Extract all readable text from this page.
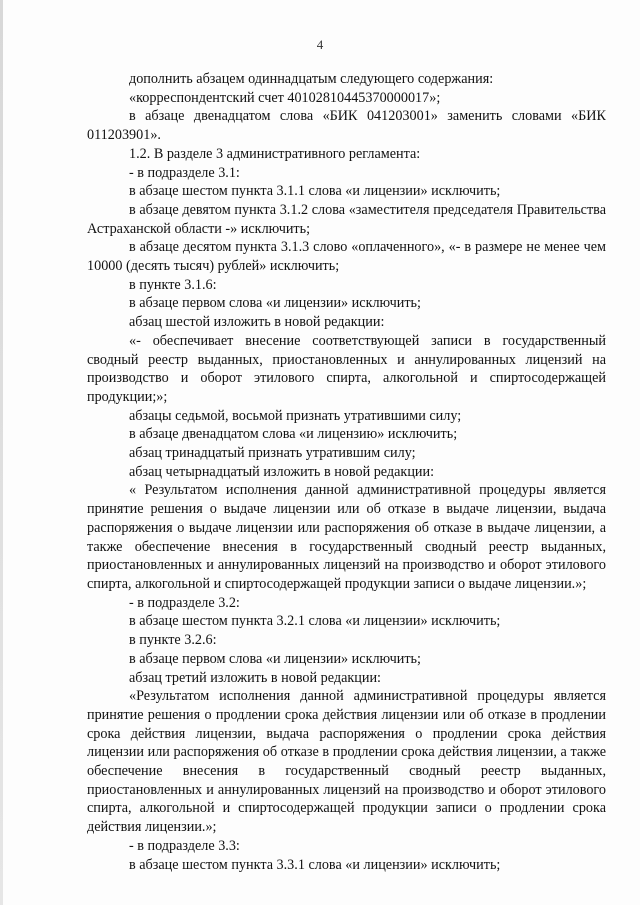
4

дополнить абзацем одиннадцатым следующего содержания:

«корреспондентский счет 40102810445370000017»;

в абзаце двенадцатом слова «БИК 041203001» заменить словами «БИК 011203901».

1.2. В разделе 3 административного регламента:

- в подразделе 3.1:

в абзаце шестом пункта 3.1.1 слова «и лицензии» исключить;

в абзаце девятом пункта 3.1.2 слова «заместителя председателя Правительства Астраханской области -» исключить;

в абзаце десятом пункта 3.1.3 слово «оплаченного», «- в размере не менее чем 10000 (десять тысяч) рублей» исключить;

в пункте 3.1.6:

в абзаце первом слова «и лицензии» исключить;

абзац шестой изложить в новой редакции:

«- обеспечивает внесение соответствующей записи в государственный сводный реестр выданных, приостановленных и аннулированных лицензий на производство и оборот этилового спирта, алкогольной и спиртосодержащей продукции;»;

абзацы седьмой, восьмой признать утратившими силу;

в абзаце двенадцатом слова «и лицензию» исключить;

абзац тринадцатый признать утратившим силу;

абзац четырнадцатый изложить в новой редакции:

« Результатом исполнения данной административной процедуры является принятие решения о выдаче лицензии или об отказе в выдаче лицензии, выдача распоряжения о выдаче лицензии или распоряжения об отказе в выдаче лицензии, а также обеспечение внесения в государственный сводный реестр выданных, приостановленных и аннулированных лицензий на производство и оборот этилового спирта, алкогольной и спиртосодержащей продукции записи о выдаче лицензии.»;

- в подразделе 3.2:

в абзаце шестом пункта 3.2.1 слова «и лицензии» исключить;

в пункте 3.2.6:

в абзаце первом слова «и лицензии» исключить;

абзац третий изложить в новой редакции:

«Результатом исполнения данной административной процедуры является принятие решения о продлении срока действия лицензии или об отказе в продлении срока действия лицензии, выдача распоряжения о продлении срока действия лицензии или распоряжения об отказе в продлении срока действия лицензии, а также обеспечение внесения в государственный сводный реестр выданных, приостановленных и аннулированных лицензий на производство и оборот этилового спирта, алкогольной и спиртосодержащей продукции записи о продлении срока действия лицензии.»;

- в подразделе 3.3:

в абзаце шестом пункта 3.3.1 слова «и лицензии» исключить;
